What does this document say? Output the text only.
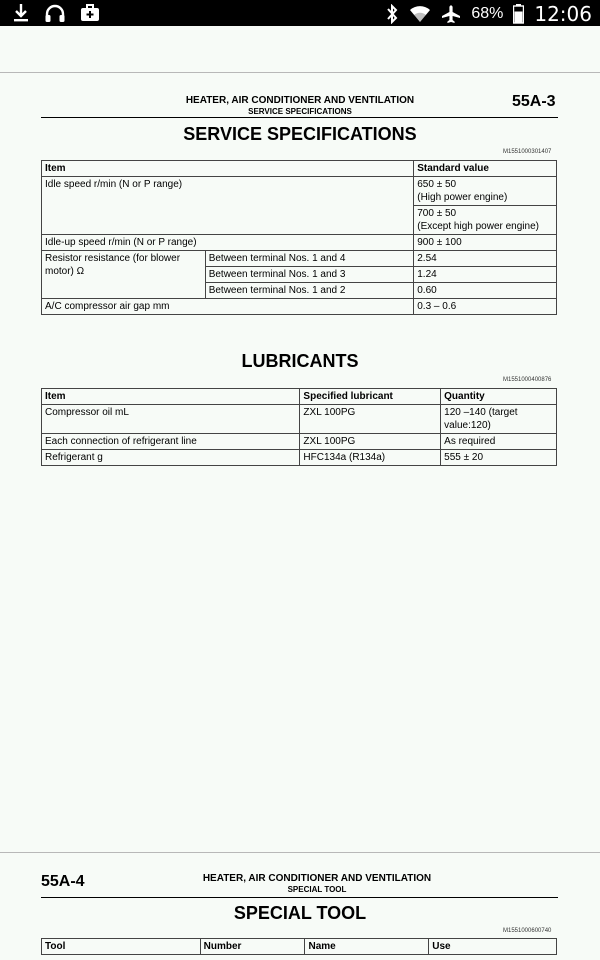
68% 12:06
HEATER, AIR CONDITIONER AND VENTILATION
SERVICE SPECIFICATIONS
55A-3
SERVICE SPECIFICATIONS
M1551000301407
Item		Standard value
Idle speed r/min (N or P range)		650 ± 50
(High power engine)
		700 ± 50
(Except high power engine)
Idle-up speed r/min (N or P range)		900 ± 100
Resistor resistance (for blower motor) Ω	Between terminal Nos. 1 and 4	2.54
	Between terminal Nos. 1 and 3	1.24
	Between terminal Nos. 1 and 2	0.60
A/C compressor air gap mm		0.3 – 0.6
LUBRICANTS
M1551000400876
Item	Specified lubricant	Quantity
Compressor oil mL	ZXL 100PG	120 –140 (target value:120)
Each connection of refrigerant line	ZXL 100PG	As required
Refrigerant g	HFC134a (R134a)	555 ± 20
55A-4	HEATER, AIR CONDITIONER AND VENTILATION
SPECIAL TOOL
SPECIAL TOOL
M1551000600740
Tool	Number	Name	Use
